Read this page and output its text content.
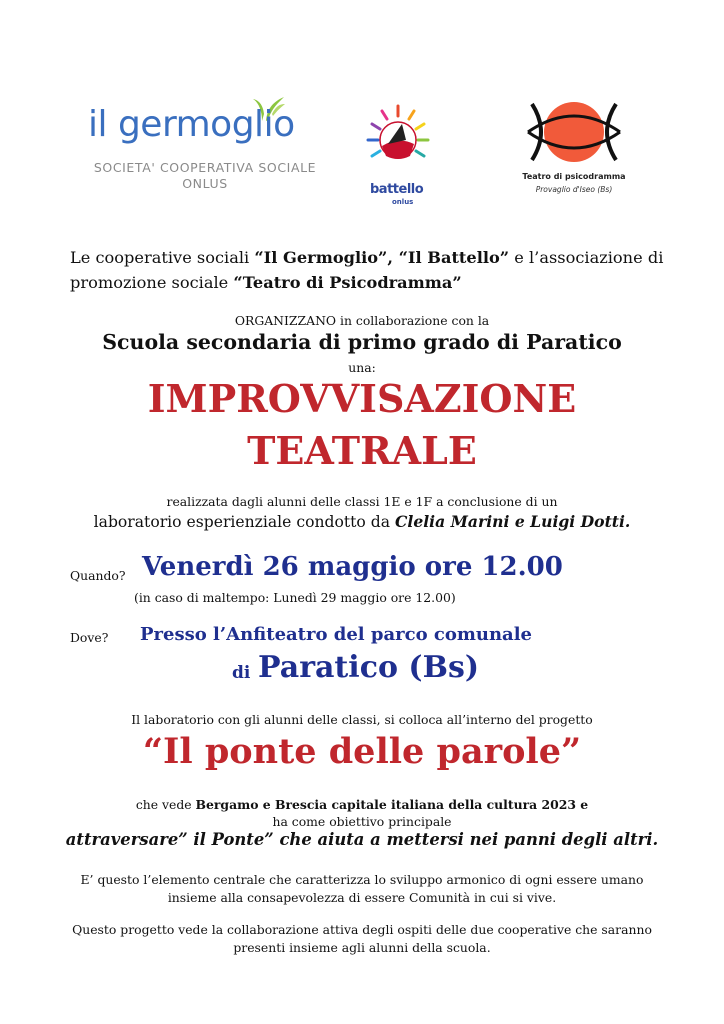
il germoglio
SOCIETA' COOPERATIVA SOCIALE
ONLUS	battello
onlus
Teatro di psicodramma
Provaglio d'Iseo (Bs)
Le cooperative sociali “Il Germoglio”, “Il Battello” e l’associazione di
promozione sociale “Teatro di Psicodramma”
ORGANIZZANO in collaborazione con la
Scuola secondaria di primo grado di Paratico
una:
IMPROVVISAZIONE
TEATRALE
realizzata dagli alunni delle classi 1E e 1F a conclusione di un
laboratorio esperienziale condotto da Clelia Marini e Luigi Dotti.
Quando? Venerdì 26 maggio ore 12.00
(in caso di maltempo: Lunedì 29 maggio ore 12.00)
Dove? Presso l’Anfiteatro del parco comunale
di Paratico (Bs)
Il laboratorio con gli alunni delle classi, si colloca all’interno del progetto
“Il ponte delle parole”
che vede Bergamo e Brescia capitale italiana della cultura 2023 e
ha come obiettivo principale
attraversare” il Ponte” che aiuta a mettersi nei panni degli altri.
E’ questo l’elemento centrale che caratterizza lo sviluppo armonico di ogni essere umano
insieme alla consapevolezza di essere Comunità in cui si vive.
Questo progetto vede la collaborazione attiva degli ospiti delle due cooperative che saranno
presenti insieme agli alunni della scuola.
